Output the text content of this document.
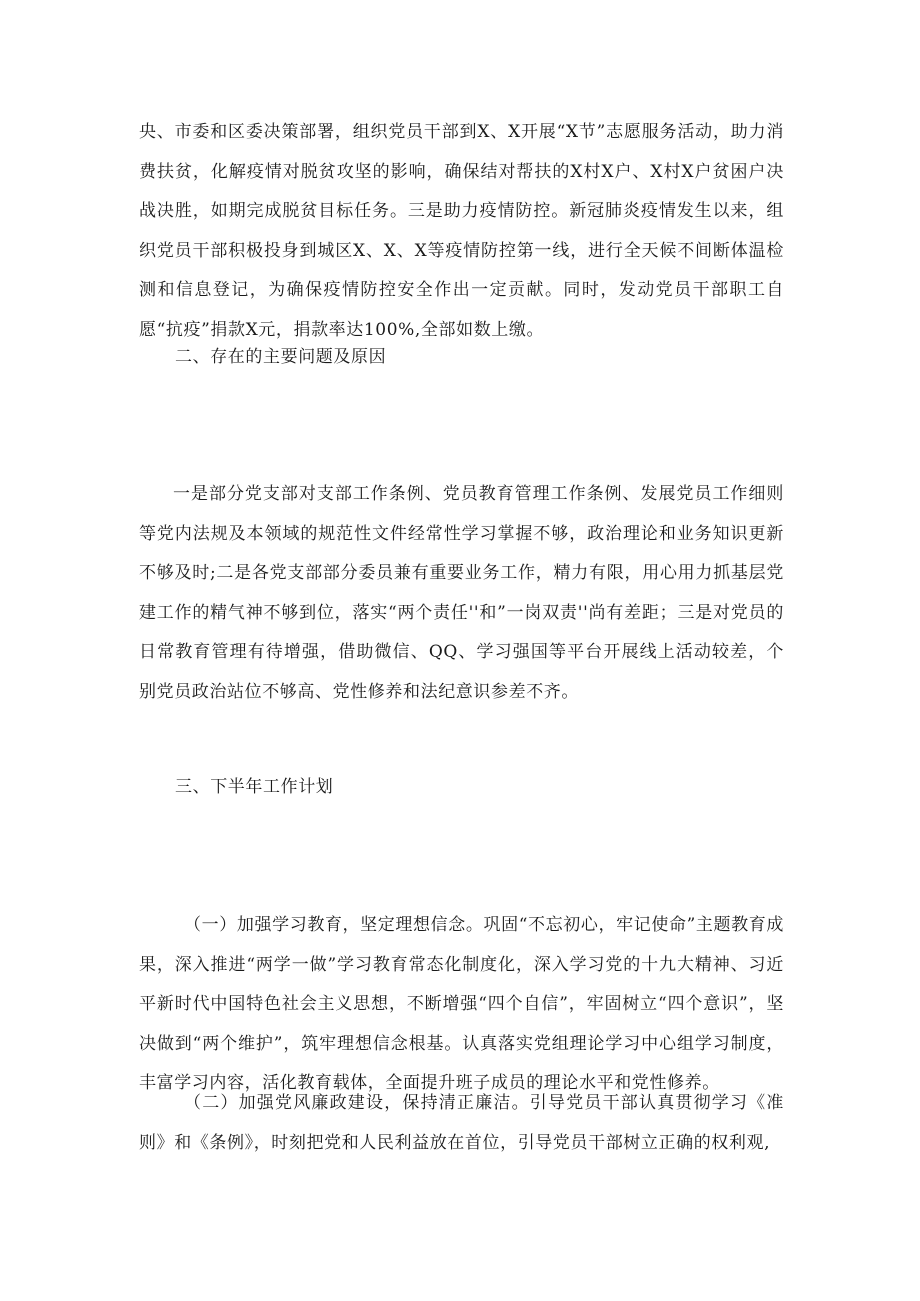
央、市委和区委决策部署，组织党员干部到X、X开展“X节”志愿服务活动，助力消费扶贫，化解疫情对脱贫攻坚的影响，确保结对帮扶的X村X户、X村X户贫困户决战决胜，如期完成脱贫目标任务。三是助力疫情防控。新冠肺炎疫情发生以来，组织党员干部积极投身到城区X、X、X等疫情防控第一线，进行全天候不间断体温检测和信息登记，为确保疫情防控安全作出一定贡献。同时，发动党员干部职工自愿“抗疫”捐款X元，捐款率达100%,全部如数上缴。

二、存在的主要问题及原因

一是部分党支部对支部工作条例、党员教育管理工作条例、发展党员工作细则等党内法规及本领域的规范性文件经常性学习掌握不够，政治理论和业务知识更新不够及时;二是各党支部部分委员兼有重要业务工作，精力有限，用心用力抓基层党建工作的精气神不够到位，落实“两个责任''和”一岗双责''尚有差距；三是对党员的日常教育管理有待增强，借助微信、QQ、学习强国等平台开展线上活动较差，个别党员政治站位不够高、党性修养和法纪意识参差不齐。

三、下半年工作计划

（一）加强学习教育，坚定理想信念。巩固“不忘初心，牢记使命”主题教育成果，深入推进“两学一做”学习教育常态化制度化，深入学习党的十九大精神、习近平新时代中国特色社会主义思想，不断增强“四个自信”，牢固树立“四个意识”，坚决做到“两个维护”，筑牢理想信念根基。认真落实党组理论学习中心组学习制度，丰富学习内容，活化教育载体，全面提升班子成员的理论水平和党性修养。

（二）加强党风廉政建设，保持清正廉洁。引导党员干部认真贯彻学习《准则》和《条例》，时刻把党和人民利益放在首位，引导党员干部树立正确的权利观,
